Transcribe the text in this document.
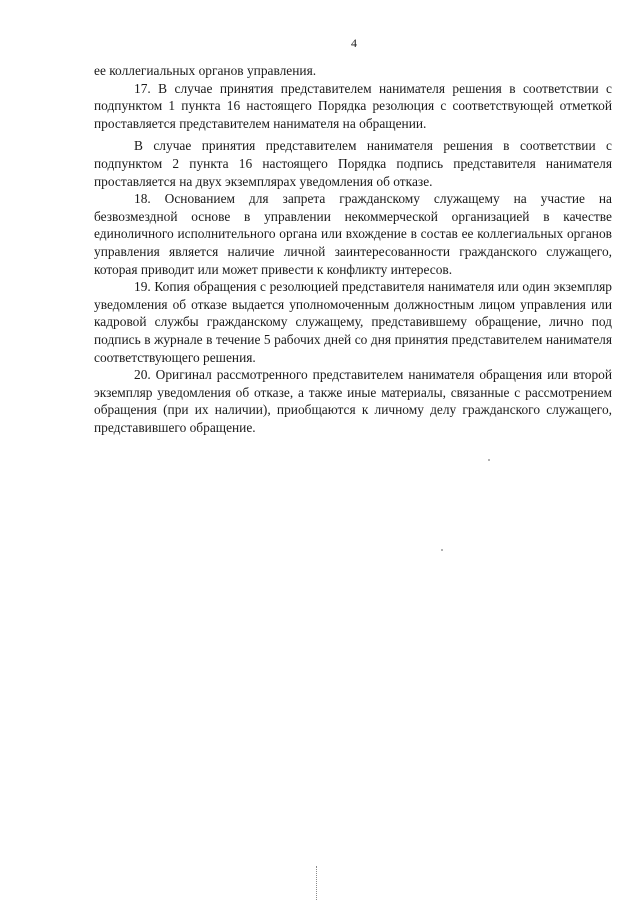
4

ее коллегиальных органов управления.

17. В случае принятия представителем нанимателя решения в соответствии с подпунктом 1 пункта 16 настоящего Порядка резолюция с соответствующей отметкой проставляется представителем нанимателя на обращении.

В случае принятия представителем нанимателя решения в соответствии с подпунктом 2 пункта 16 настоящего Порядка подпись представителя нанимателя проставляется на двух экземплярах уведомления об отказе.

18. Основанием для запрета гражданскому служащему на участие на безвозмездной основе в управлении некоммерческой организацией в качестве единоличного исполнительного органа или вхождение в состав ее коллегиальных органов управления является наличие личной заинтересованности гражданского служащего, которая приводит или может привести к конфликту интересов.

19. Копия обращения с резолюцией представителя нанимателя или один экземпляр уведомления об отказе выдается уполномоченным должностным лицом управления или кадровой службы гражданскому служащему, представившему обращение, лично под подпись в журнале в течение 5 рабочих дней со дня принятия представителем нанимателя соответствующего решения.

20. Оригинал рассмотренного представителем нанимателя обращения или второй экземпляр уведомления об отказе, а также иные материалы, связанные с рассмотрением обращения (при их наличии), приобщаются к личному делу гражданского служащего, представившего обращение.
